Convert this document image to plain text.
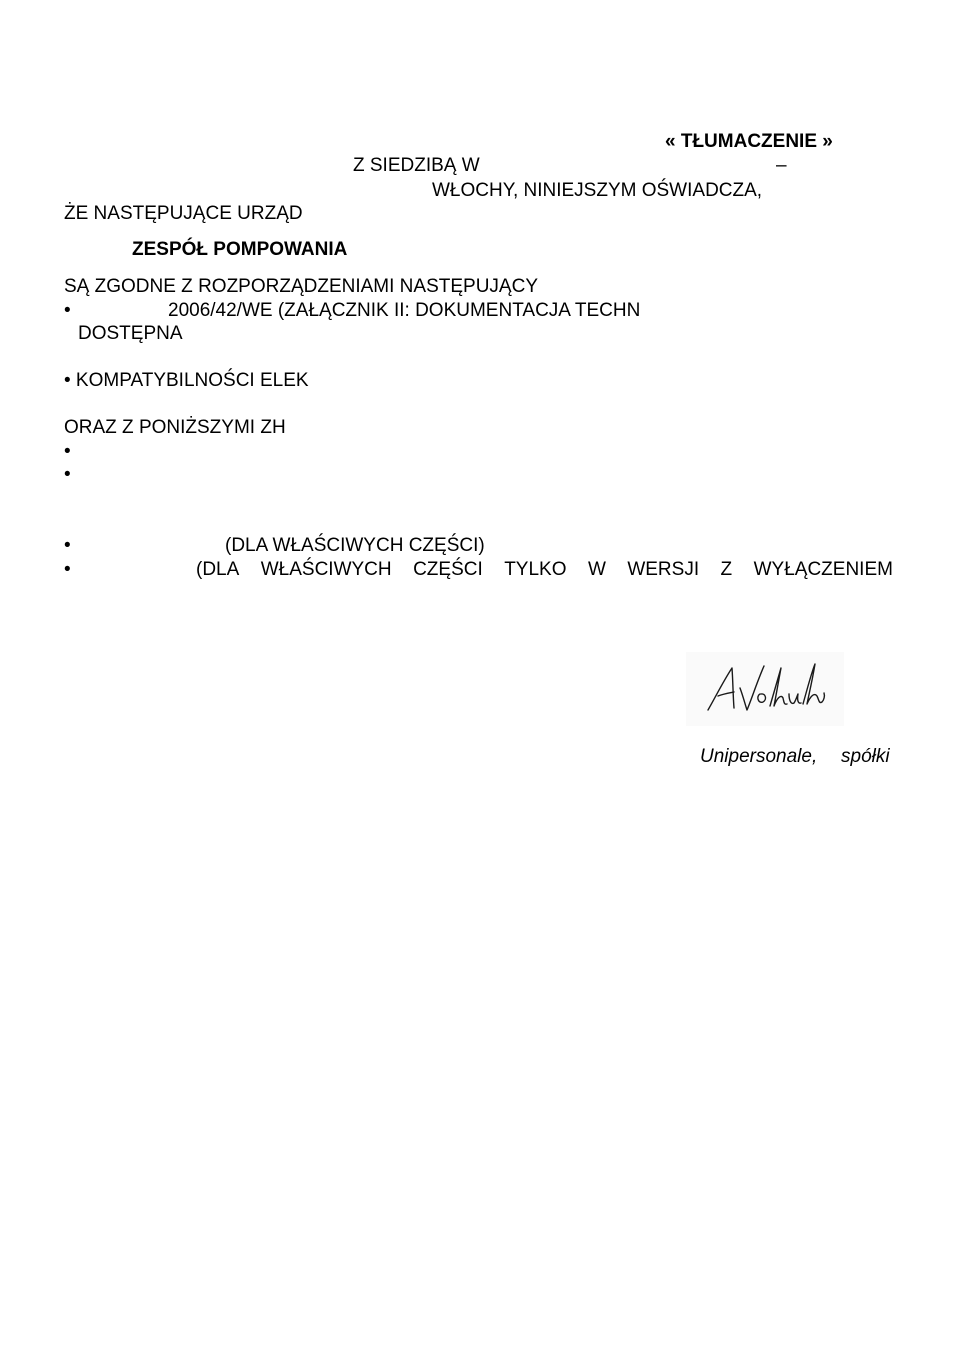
« TŁUMACZENIE »
Z SIEDZIBĄ W	–
WŁOCHY, NINIEJSZYM OŚWIADCZA,
ŻE NASTĘPUJĄCE URZĄD
ZESPÓŁ POMPOWANIA
SĄ ZGODNE Z ROZPORZĄDZENIAMI NASTĘPUJĄCY
•	2006/42/WE (ZAŁĄCZNIK II: DOKUMENTACJA TECHN
DOSTĘPNA
• KOMPATYBILNOŚCI ELEK
ORAZ Z PONIŻSZYMI ZH
•
•
•	(DLA WŁAŚCIWYCH CZĘŚCI)
•	(DLA WŁAŚCIWYCH CZĘŚCI TYLKO W WERSJI Z WYŁĄCZENIEM
Unipersonale, spółki
